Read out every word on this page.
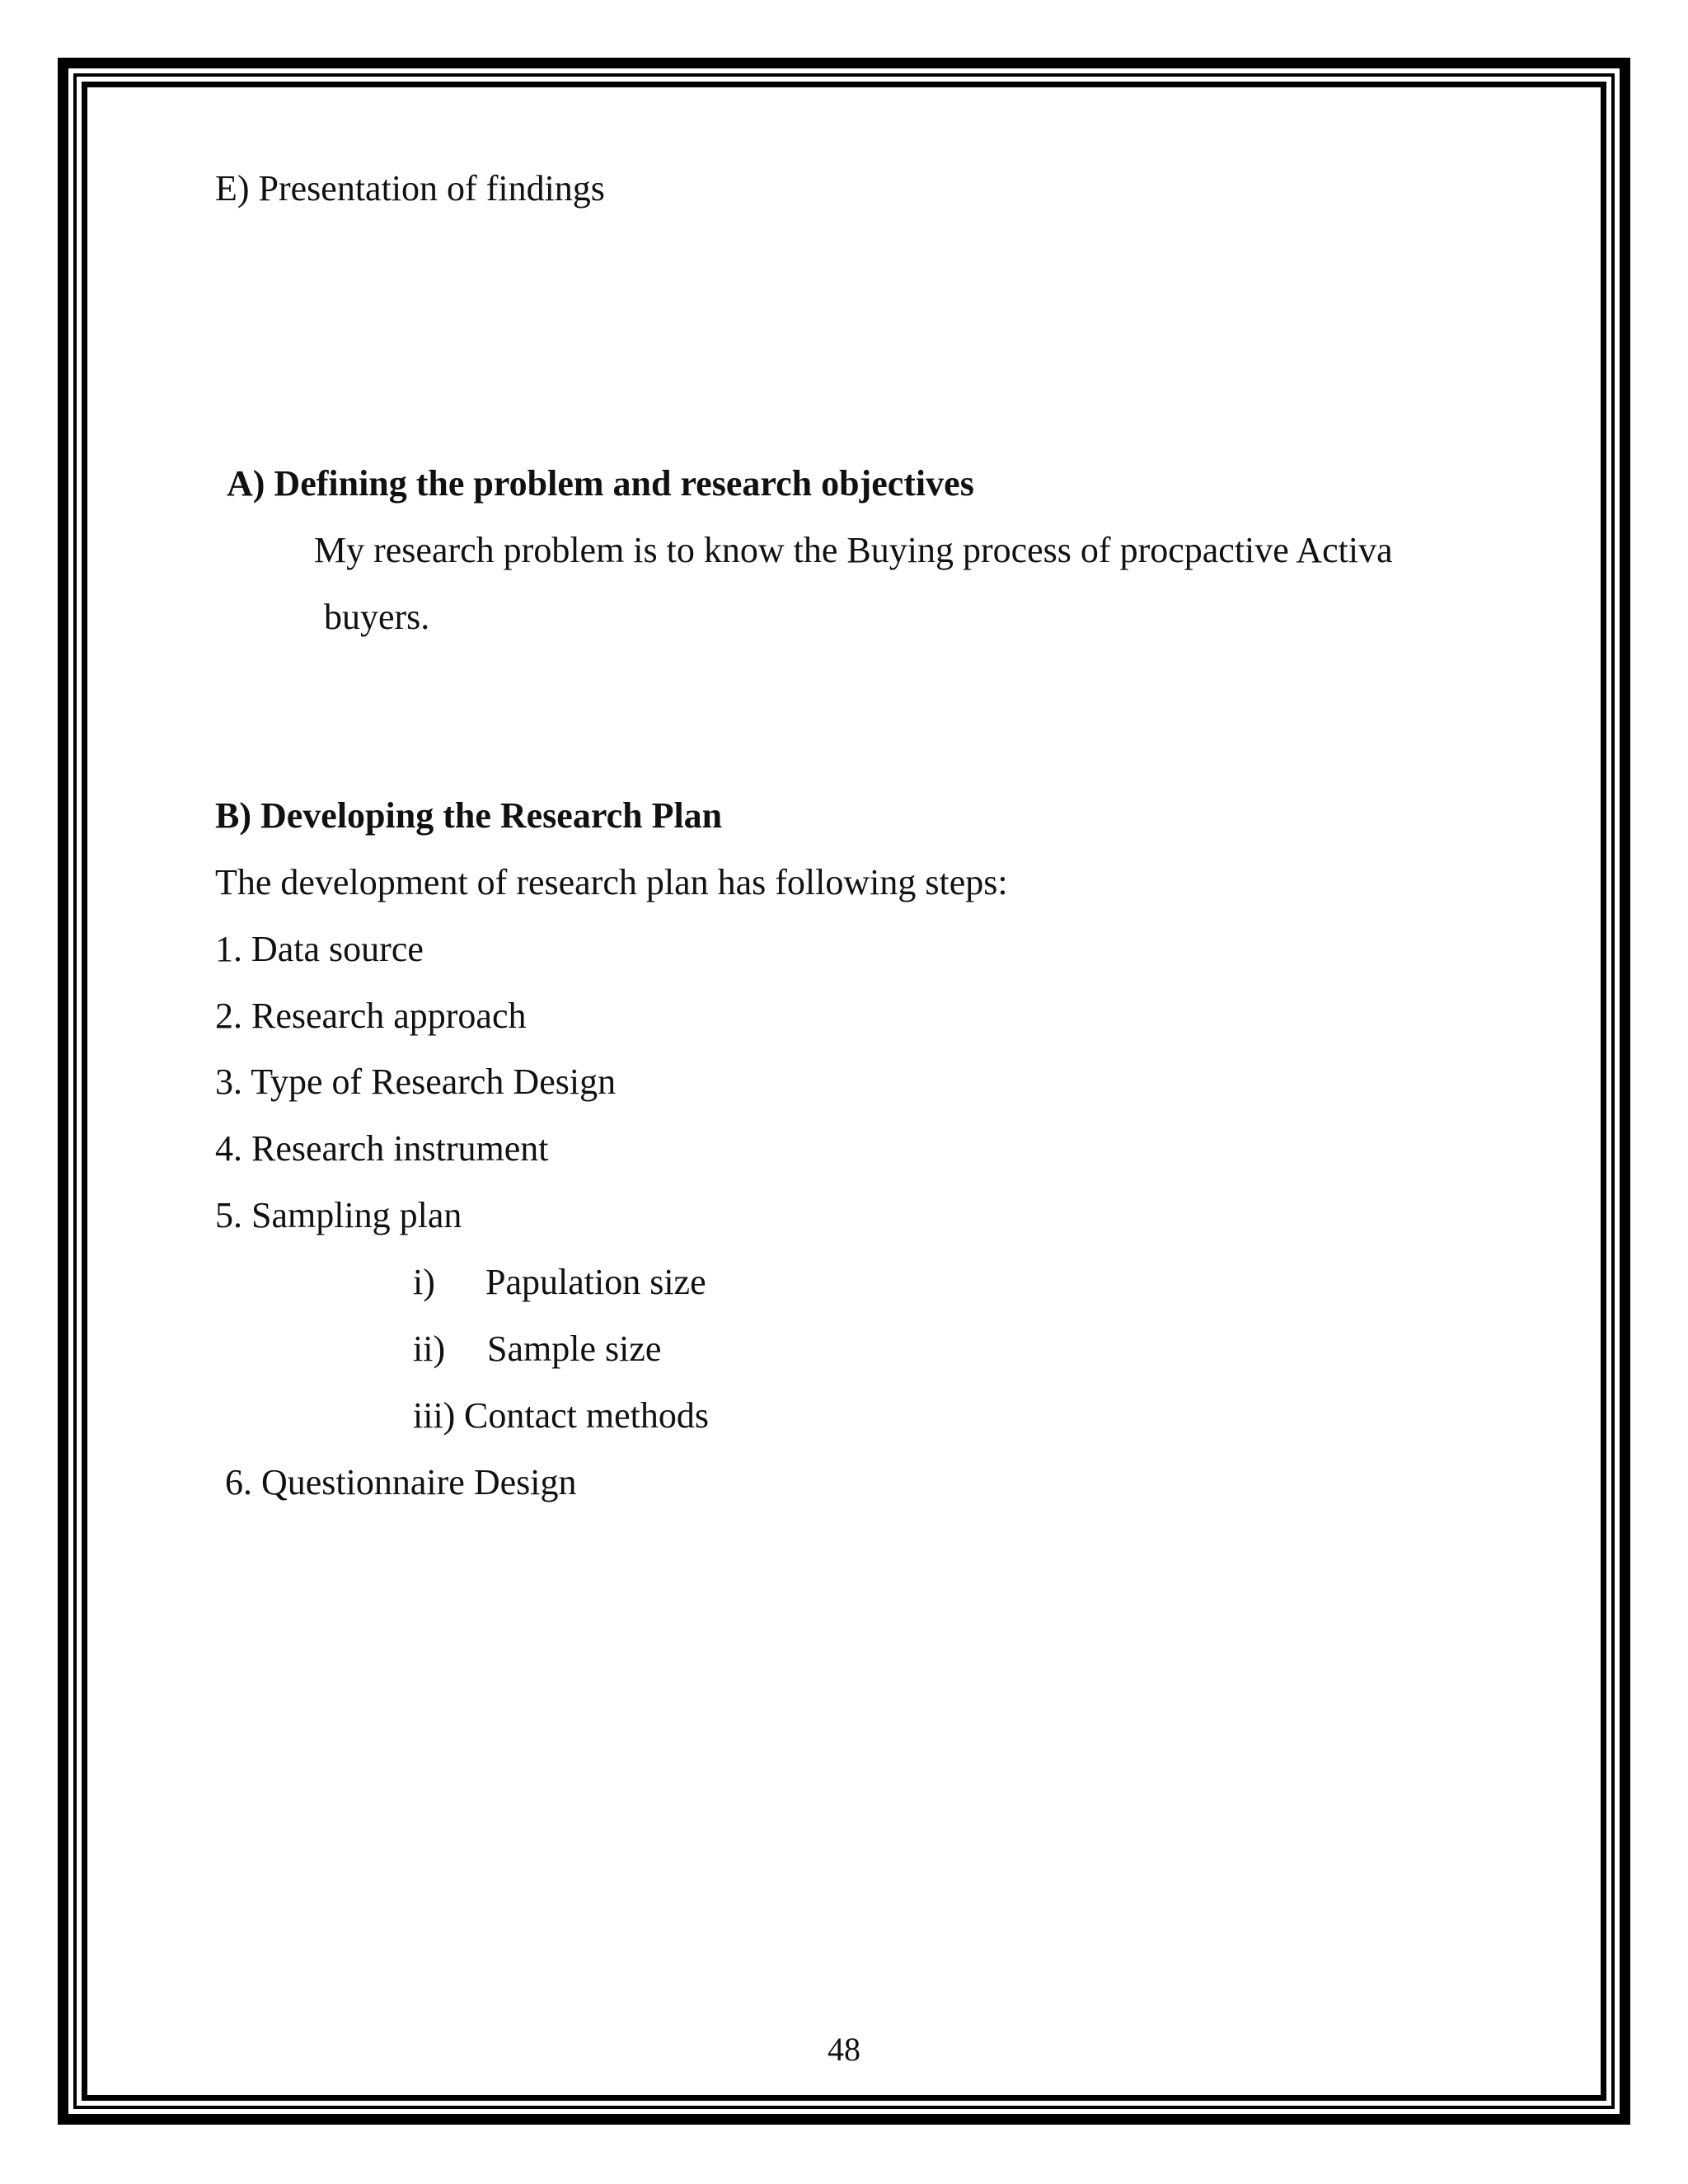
E) Presentation of findings
A) Defining the problem and research objectives
My research problem is to know the Buying process of procpactive Activa
buyers.
B) Developing the Research Plan
The development of research plan has following steps:
1. Data source
2. Research approach
3. Type of Research Design
4. Research instrument
5. Sampling plan
i) Papulation size
ii) Sample size
iii) Contact methods
6. Questionnaire Design
48
